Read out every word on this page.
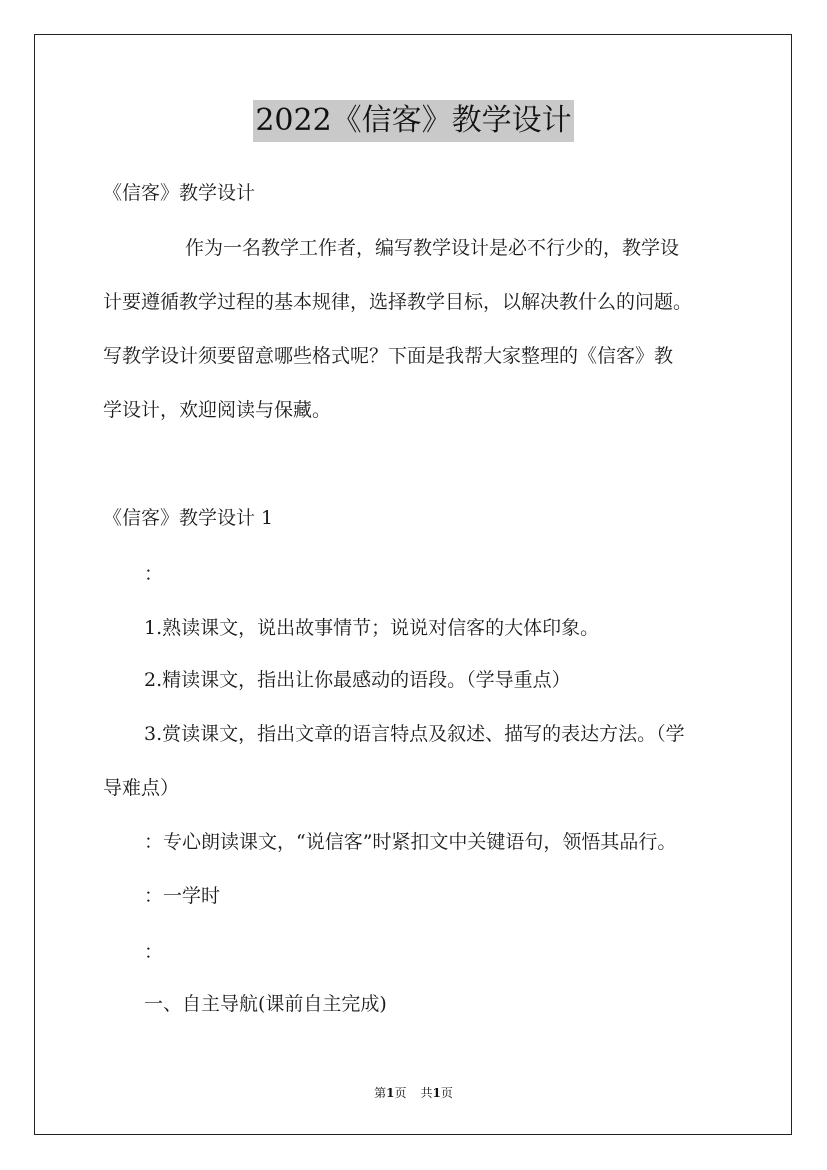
2022《信客》教学设计
《信客》教学设计
作为一名教学工作者，编写教学设计是必不行少的，教学设
计要遵循教学过程的基本规律，选择教学目标，以解决教什么的问题。
写教学设计须要留意哪些格式呢？下面是我帮大家整理的《信客》教
学设计，欢迎阅读与保藏。
《信客》教学设计 1
：
1.熟读课文，说出故事情节；说说对信客的大体印象。
2.精读课文，指出让你最感动的语段。（学导重点）
3.赏读课文，指出文章的语言特点及叙述、描写的表达方法。（学
导难点）
：专心朗读课文，“说信客”时紧扣文中关键语句，领悟其品行。
：一学时
：
一、自主导航(课前自主完成)
第1页 共1页
